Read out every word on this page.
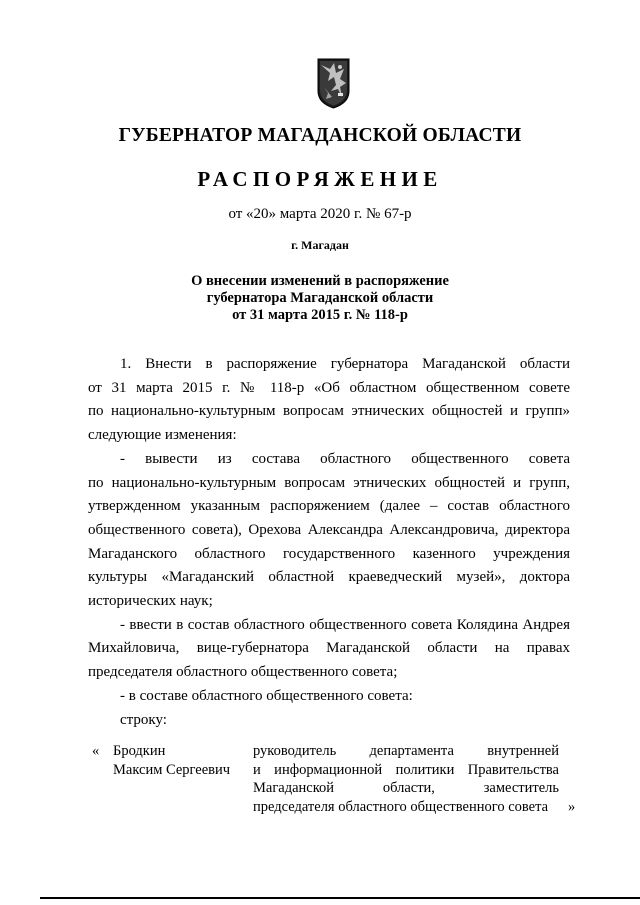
ГУБЕРНАТОР МАГАДАНСКОЙ ОБЛАСТИ
РАСПОРЯЖЕНИЕ
от «20» марта 2020 г. № 67-р
г. Магадан
О внесении изменений в распоряжение
губернатора Магаданской области
от 31 марта 2015 г. № 118-р
1. Внести в распоряжение губернатора Магаданской области
от 31 марта 2015 г. № 118-р «Об областном общественном совете
по национально-культурным вопросам этнических общностей и групп»
следующие изменения:
- вывести из состава областного общественного совета
по национально-культурным вопросам этнических общностей и групп,
утвержденном указанным распоряжением (далее – состав областного
общественного совета), Орехова Александра Александровича, директора
Магаданского областного государственного казенного учреждения
культуры «Магаданский областной краеведческий музей», доктора
исторических наук;
- ввести в состав областного общественного совета Колядина Андрея
Михайловича, вице-губернатора Магаданской области на правах
председателя областного общественного совета;
- в составе областного общественного совета:
строку:
« Бродкин
Максим Сергеевич
руководитель департамента внутренней
и информационной политики Правительства
Магаданской области, заместитель
председателя областного общественного совета	»
